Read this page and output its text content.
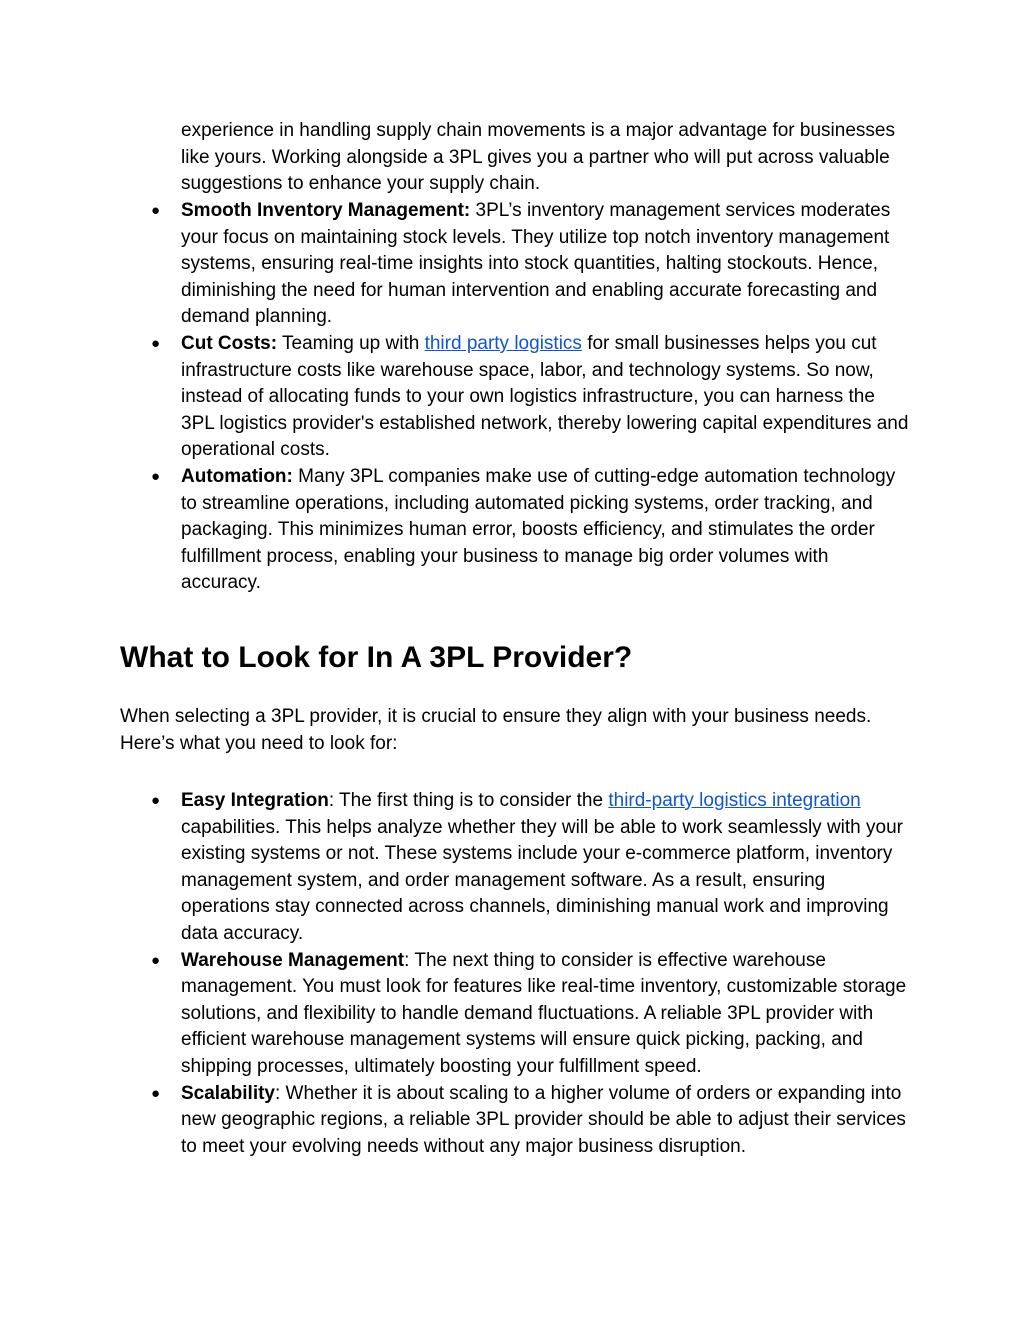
experience in handling supply chain movements is a major advantage for businesses like yours. Working alongside a 3PL gives you a partner who will put across valuable suggestions to enhance your supply chain.
● Smooth Inventory Management: 3PL’s inventory management services moderates your focus on maintaining stock levels. They utilize top notch inventory management systems, ensuring real-time insights into stock quantities, halting stockouts. Hence, diminishing the need for human intervention and enabling accurate forecasting and demand planning.
● Cut Costs: Teaming up with third party logistics for small businesses helps you cut infrastructure costs like warehouse space, labor, and technology systems. So now, instead of allocating funds to your own logistics infrastructure, you can harness the 3PL logistics provider's established network, thereby lowering capital expenditures and operational costs.
● Automation: Many 3PL companies make use of cutting-edge automation technology to streamline operations, including automated picking systems, order tracking, and packaging. This minimizes human error, boosts efficiency, and stimulates the order fulfillment process, enabling your business to manage big order volumes with accuracy.
What to Look for In A 3PL Provider?

When selecting a 3PL provider, it is crucial to ensure they align with your business needs. Here’s what you need to look for:

● Easy Integration: The first thing is to consider the third-party logistics integration capabilities. This helps analyze whether they will be able to work seamlessly with your existing systems or not. These systems include your e-commerce platform, inventory management system, and order management software. As a result, ensuring operations stay connected across channels, diminishing manual work and improving data accuracy.
● Warehouse Management: The next thing to consider is effective warehouse management. You must look for features like real-time inventory, customizable storage solutions, and flexibility to handle demand fluctuations. A reliable 3PL provider with efficient warehouse management systems will ensure quick picking, packing, and shipping processes, ultimately boosting your fulfillment speed.
● Scalability: Whether it is about scaling to a higher volume of orders or expanding into new geographic regions, a reliable 3PL provider should be able to adjust their services to meet your evolving needs without any major business disruption.
